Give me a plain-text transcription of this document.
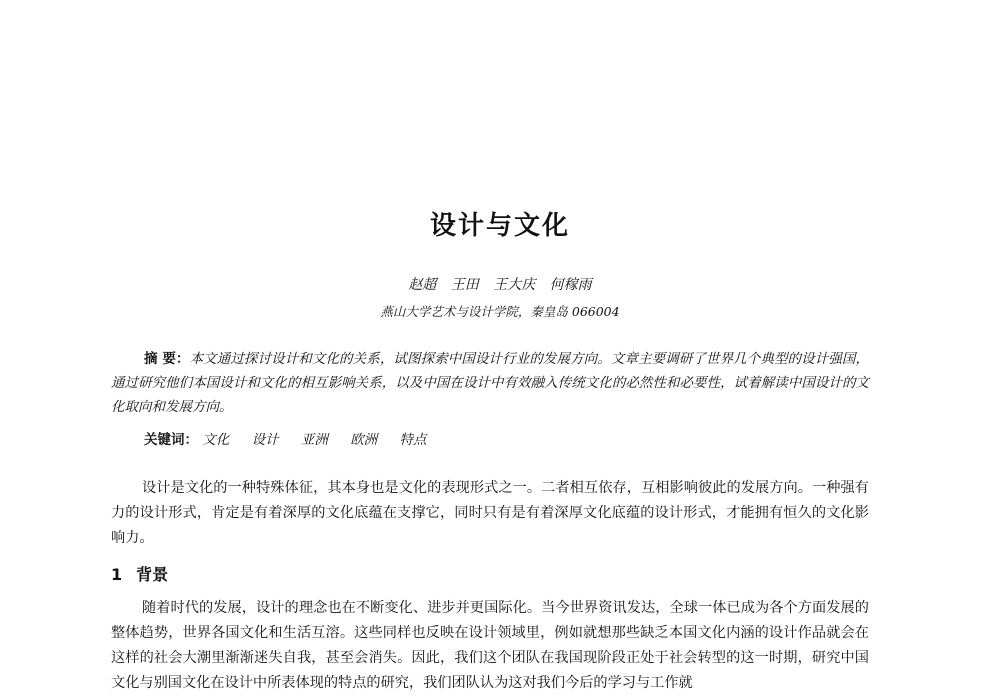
设计与文化
赵超 王田 王大庆 何稼雨
燕山大学艺术与设计学院，秦皇岛 066004
摘 要：本文通过探讨设计和文化的关系，试图探索中国设计行业的发展方向。文章主要调研了世界几个典型的设计强国，通过研究他们本国设计和文化的相互影响关系，以及中国在设计中有效融入传统文化的必然性和必要性，试着解读中国设计的文化取向和发展方向。
关键词： 文化 设计 亚洲 欧洲 特点
设计是文化的一种特殊体征，其本身也是文化的表现形式之一。二者相互依存，互相影响彼此的发展方向。一种强有力的设计形式，肯定是有着深厚的文化底蕴在支撑它，同时只有是有着深厚文化底蕴的设计形式，才能拥有恒久的文化影响力。
1 背景
随着时代的发展，设计的理念也在不断变化、进步并更国际化。当今世界资讯发达，全球一体已成为各个方面发展的整体趋势，世界各国文化和生活互溶。这些同样也反映在设计领域里，例如就想那些缺乏本国文化内涵的设计作品就会在这样的社会大潮里渐渐迷失自我，甚至会消失。因此，我们这个团队在我国现阶段正处于社会转型的这一时期，研究中国文化与别国文化在设计中所表体现的特点的研究，我们团队认为这对我们今后的学习与工作就
